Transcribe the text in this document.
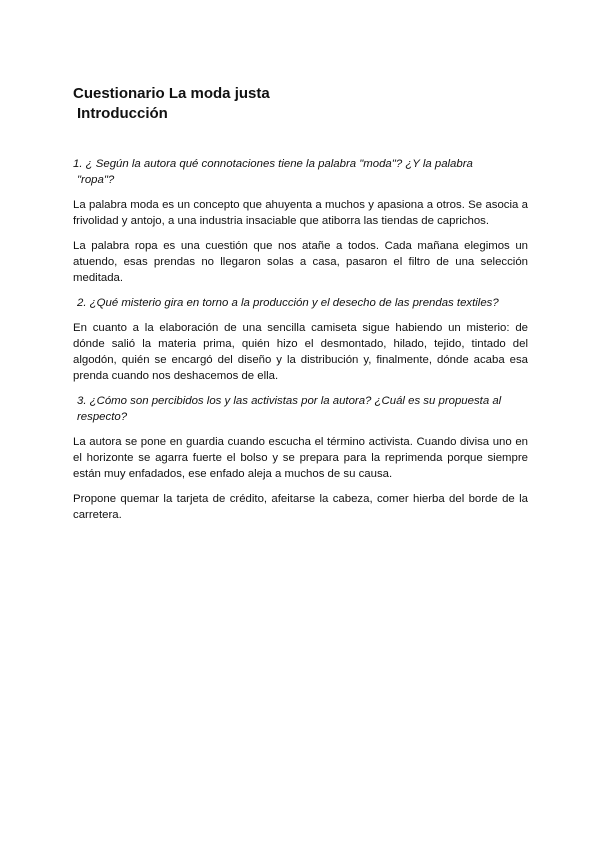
Cuestionario La moda justa
Introducción

1. ¿ Según la autora qué connotaciones tiene la palabra "moda"? ¿Y la palabra
"ropa"?

La palabra moda es un concepto que ahuyenta a muchos y apasiona a otros. Se asocia a frivolidad y antojo, a una industria insaciable que atiborra las tiendas de caprichos.

La palabra ropa es una cuestión que nos atañe a todos. Cada mañana elegimos un atuendo, esas prendas no llegaron solas a casa, pasaron el filtro de una selección meditada.

2. ¿Qué misterio gira en torno a la producción y el desecho de las prendas textiles?

En cuanto a la elaboración de una sencilla camiseta sigue habiendo un misterio: de dónde salió la materia prima, quién hizo el desmontado, hilado, tejido, tintado del algodón, quién se encargó del diseño y la distribución y, finalmente, dónde acaba esa prenda cuando nos deshacemos de ella.

3. ¿Cómo son percibidos los y las activistas por la autora? ¿Cuál es su propuesta al respecto?

La autora se pone en guardia cuando escucha el término activista. Cuando divisa uno en el horizonte se agarra fuerte el bolso y se prepara para la reprimenda porque siempre están muy enfadados, ese enfado aleja a muchos de su causa.

Propone quemar la tarjeta de crédito, afeitarse la cabeza, comer hierba del borde de la carretera.
